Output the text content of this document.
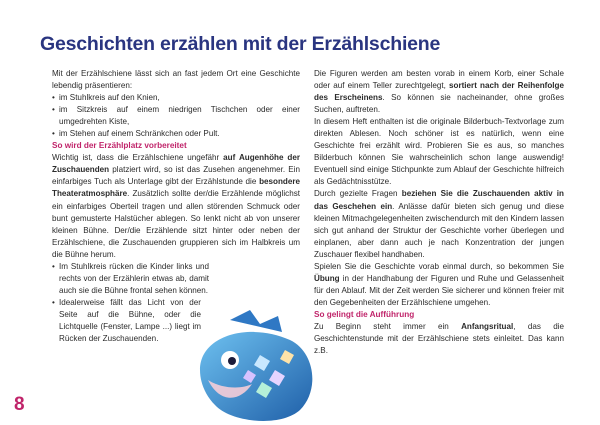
Geschichten erzählen mit der Erzählschiene

Mit der Erzählschiene lässt sich an fast jedem Ort eine Geschichte lebendig präsentieren:

• im Stuhlkreis auf den Knien,
• im Sitzkreis auf einem niedrigen Tischchen oder einer umgedrehten Kiste,
• im Stehen auf einem Schränkchen oder Pult.

So wird der Erzählplatz vorbereitet

Wichtig ist, dass die Erzählschiene ungefähr auf Augenhöhe der Zuschauenden platziert wird, so ist das Zusehen angenehmer. Ein einfarbiges Tuch als Unterlage gibt der Erzählstunde die besondere Theateratmosphäre. Zusätzlich sollte der/die Erzählende möglichst ein einfarbiges Oberteil tragen und allen störenden Schmuck oder bunt gemusterte Halstücher ablegen. So lenkt nicht ab von unserer kleinen Bühne. Der/die Erzählende sitzt hinter oder neben der Erzählschiene, die Zuschauenden gruppieren sich im Halbkreis um die Bühne herum.

• Im Stuhlkreis rücken die Kinder links und rechts von der Erzählerin etwas ab, damit auch sie die Bühne frontal sehen können.
• Idealerweise fällt das Licht von der Seite auf die Bühne, oder die Lichtquelle (Fenster, Lampe ...) liegt im Rücken der Zuschauenden.

Die Figuren werden am besten vorab in einem Korb, einer Schale oder auf einem Teller zurechtgelegt, sortiert nach der Reihenfolge des Erscheinens. So können sie nacheinander, ohne großes Suchen, auftreten.

In diesem Heft enthalten ist die originale Bilderbuch-Textvorlage zum direkten Ablesen. Noch schöner ist es natürlich, wenn eine Geschichte frei erzählt wird. Probieren Sie es aus, so manches Bilderbuch können Sie wahrscheinlich schon lange auswendig! Eventuell sind einige Stichpunkte zum Ablauf der Geschichte hilfreich als Gedächtnisstütze.

Durch gezielte Fragen beziehen Sie die Zuschauenden aktiv in das Geschehen ein. Anlässe dafür bieten sich genug und diese kleinen Mitmachgelegenheiten zwischendurch mit den Kindern lassen sich gut anhand der Struktur der Geschichte vorher überlegen und einplanen, aber dann auch je nach Konzentration der jungen Zuschauer flexibel handhaben.

Spielen Sie die Geschichte vorab einmal durch, so bekommen Sie Übung in der Handhabung der Figuren und Ruhe und Gelassenheit für den Ablauf. Mit der Zeit werden Sie sicherer und können freier mit den Gegebenheiten der Erzählschiene umgehen.

So gelingt die Aufführung

Zu Beginn steht immer ein Anfangsritual, das die Geschichtenstunde mit der Erzählschiene stets einleitet. Das kann z.B.

8
